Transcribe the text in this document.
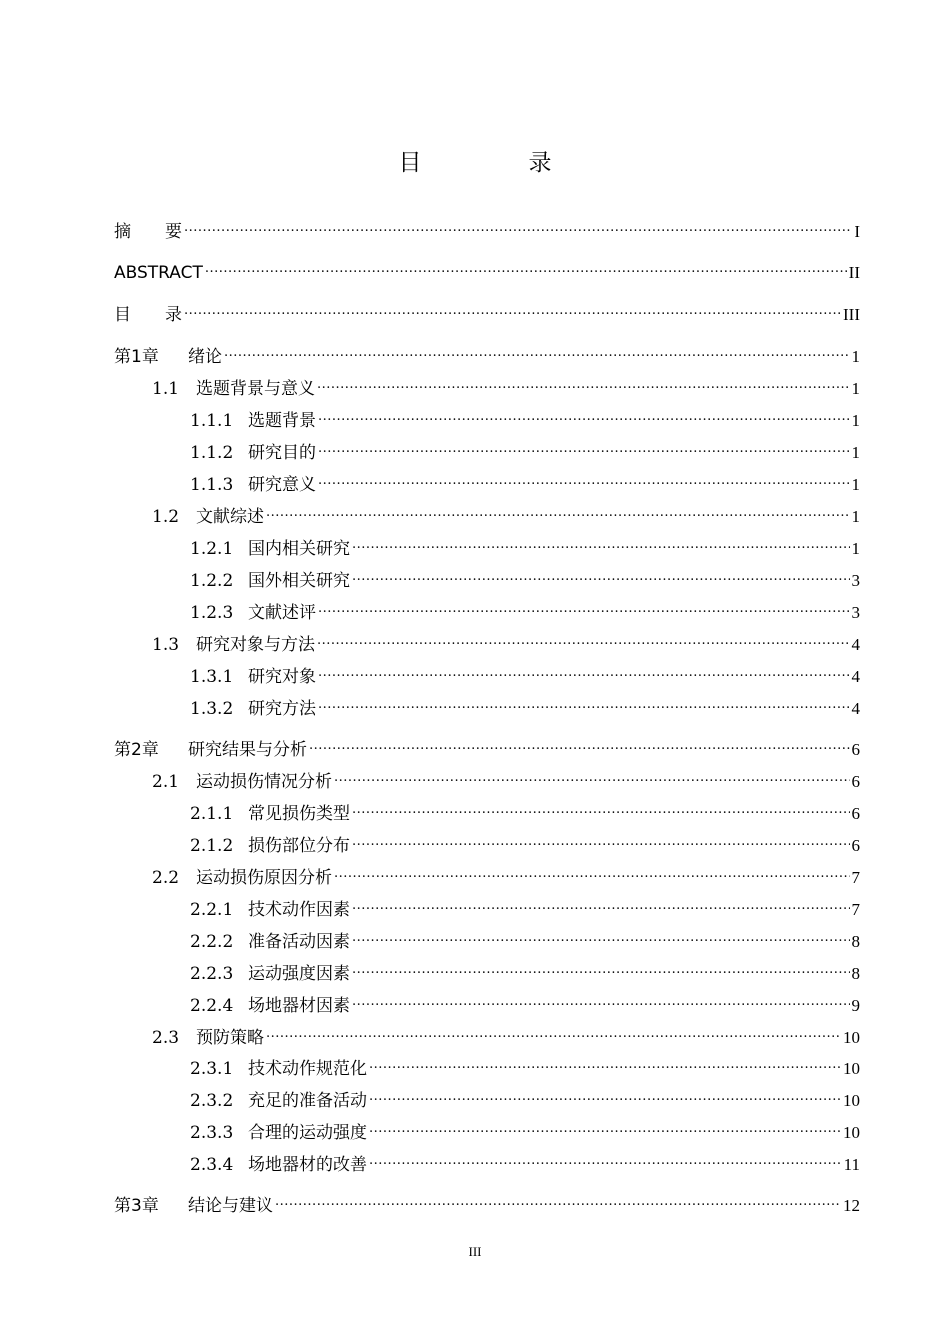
目　录
摘　　要 .....	I
ABSTRACT .....	II
目　　录 .....	III
第1章	绪论 .....	1
1.1 选题背景与意义 .....	1
1.1.1 选题背景 .....	1
1.1.2 研究目的 .....	1
1.1.3 研究意义 .....	1
1.2 文献综述 .....	1
1.2.1 国内相关研究 .....	1
1.2.2 国外相关研究 .....	3
1.2.3 文献述评 .....	3
1.3 研究对象与方法 .....	4
1.3.1 研究对象 .....	4
1.3.2 研究方法 .....	4
第2章	研究结果与分析 .....	6
2.1 运动损伤情况分析 .....	6
2.1.1 常见损伤类型 .....	6
2.1.2 损伤部位分布 .....	6
2.2 运动损伤原因分析 .....	7
2.2.1 技术动作因素 .....	7
2.2.2 准备活动因素 .....	8
2.2.3 运动强度因素 .....	8
2.2.4 场地器材因素 .....	9
2.3 预防策略 .....	10
2.3.1 技术动作规范化 .....	10
2.3.2 充足的准备活动 .....	10
2.3.3 合理的运动强度 .....	10
2.3.4 场地器材的改善 .....	11
第3章	结论与建议 .....	12
III
